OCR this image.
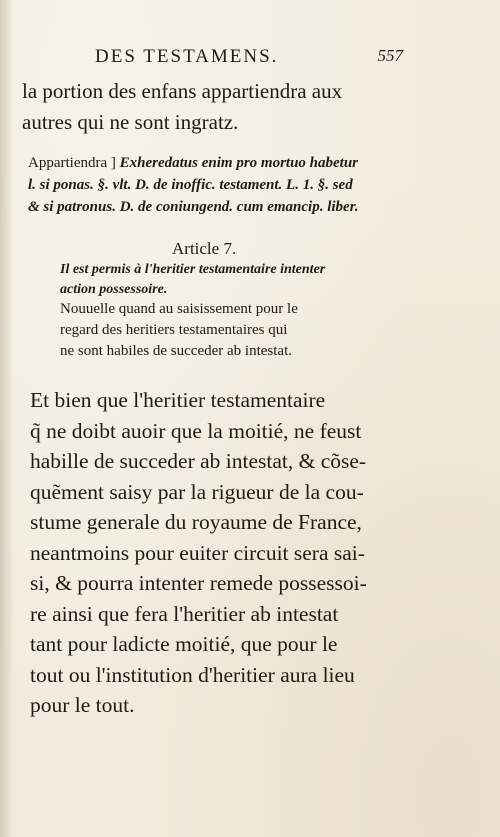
DES TESTAMENS.	557
la portion des enfans appartiendra aux
autres qui ne sont ingratz.
Appartiendra ] Exheredatus enim pro mortuo habetur
l. si ponas. §. vlt. D. de inoffic. testament. L. 1. §. sed
& si patronus. D. de coniungend. cum emancip. liber.
Article 7.
Il est permis à l'heritier testamentaire intenter
action possessoire.
Nouuelle quand au saisissement pour le
regard des heritiers testamentaires qui
ne sont habiles de succeder ab intestat.
Et bien que l'heritier testamentaire
q̃ ne doibt auoir que la moitié, ne feust
habille de succeder ab intestat, & cõse-
quẽment saisy par la rigueur de la cou-
stume generale du royaume de France,
neantmoins pour euiter circuit sera sai-
si, & pourra intenter remede possessoi-
re ainsi que fera l'heritier ab intestat
tant pour ladicte moitié, que pour le
tout ou l'institution d'heritier aura lieu
pour le tout.
